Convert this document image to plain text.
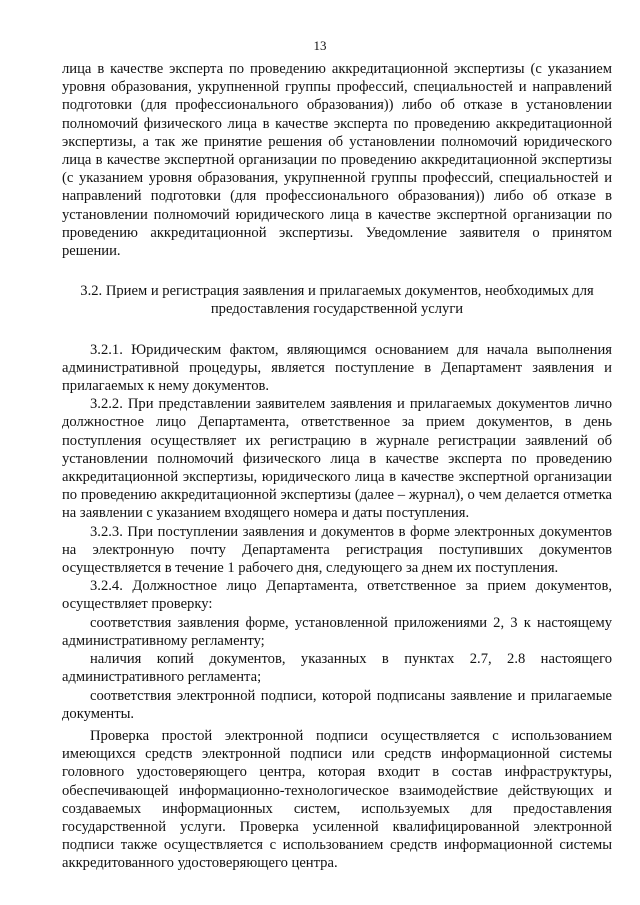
13

лица в качестве эксперта по проведению аккредитационной экспертизы (с указанием уровня образования, укрупненной группы профессий, специальностей и направлений подготовки (для профессионального образования)) либо об отказе в установлении полномочий физического лица в качестве эксперта по проведению аккредитационной экспертизы, а так же принятие решения об установлении полномочий юридического лица в качестве экспертной организации по проведению аккредитационной экспертизы (с указанием уровня образования, укрупненной группы профессий, специальностей и направлений подготовки (для профессионального образования)) либо об отказе в установлении полномочий юридического лица в качестве экспертной организации по проведению аккредитационной экспертизы. Уведомление заявителя о принятом решении.

3.2. Прием и регистрация заявления и прилагаемых документов, необходимых для предоставления государственной услуги

3.2.1. Юридическим фактом, являющимся основанием для начала выполнения административной процедуры, является поступление в Департамент заявления и прилагаемых к нему документов.

3.2.2. При представлении заявителем заявления и прилагаемых документов лично должностное лицо Департамента, ответственное за прием документов, в день поступления осуществляет их регистрацию в журнале регистрации заявлений об установлении полномочий физического лица в качестве эксперта по проведению аккредитационной экспертизы, юридического лица в качестве экспертной организации по проведению аккредитационной экспертизы (далее – журнал), о чем делается отметка на заявлении с указанием входящего номера и даты поступления.

3.2.3. При поступлении заявления и документов в форме электронных документов на электронную почту Департамента регистрация поступивших документов осуществляется в течение 1 рабочего дня, следующего за днем их поступления.

3.2.4. Должностное лицо Департамента, ответственное за прием документов, осуществляет проверку:

соответствия заявления форме, установленной приложениями 2, 3 к настоящему административному регламенту;

наличия копий документов, указанных в пунктах 2.7, 2.8 настоящего административного регламента;

соответствия электронной подписи, которой подписаны заявление и прилагаемые документы.

Проверка простой электронной подписи осуществляется с использованием имеющихся средств электронной подписи или средств информационной системы головного удостоверяющего центра, которая входит в состав инфраструктуры, обеспечивающей информационно-технологическое взаимодействие действующих и создаваемых информационных систем, используемых для предоставления государственной услуги. Проверка усиленной квалифицированной электронной подписи также осуществляется с использованием средств информационной системы аккредитованного удостоверяющего центра.
